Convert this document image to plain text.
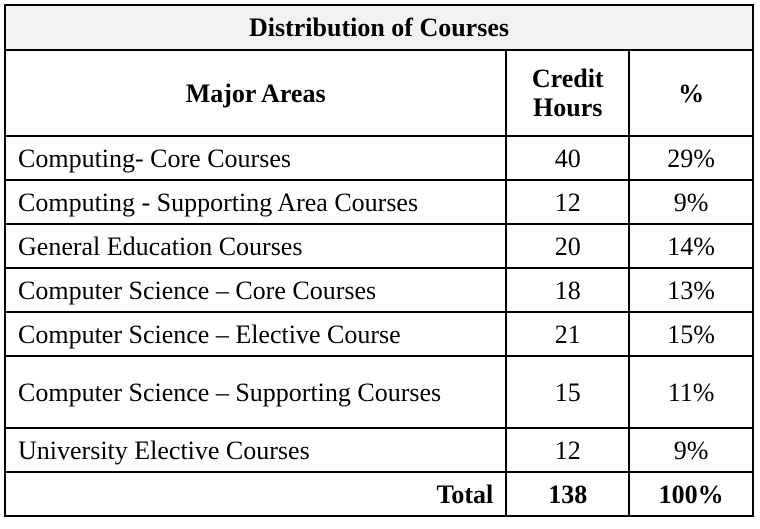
Distribution of Courses		
Major Areas	Credit Hours	%
Computing- Core Courses	40	29%
Computing - Supporting Area Courses	12	9%
General Education Courses	20	14%
Computer Science – Core Courses	18	13%
Computer Science – Elective Course	21	15%
Computer Science – Supporting Courses	15	11%
University Elective Courses	12	9%
Total	138	100%
